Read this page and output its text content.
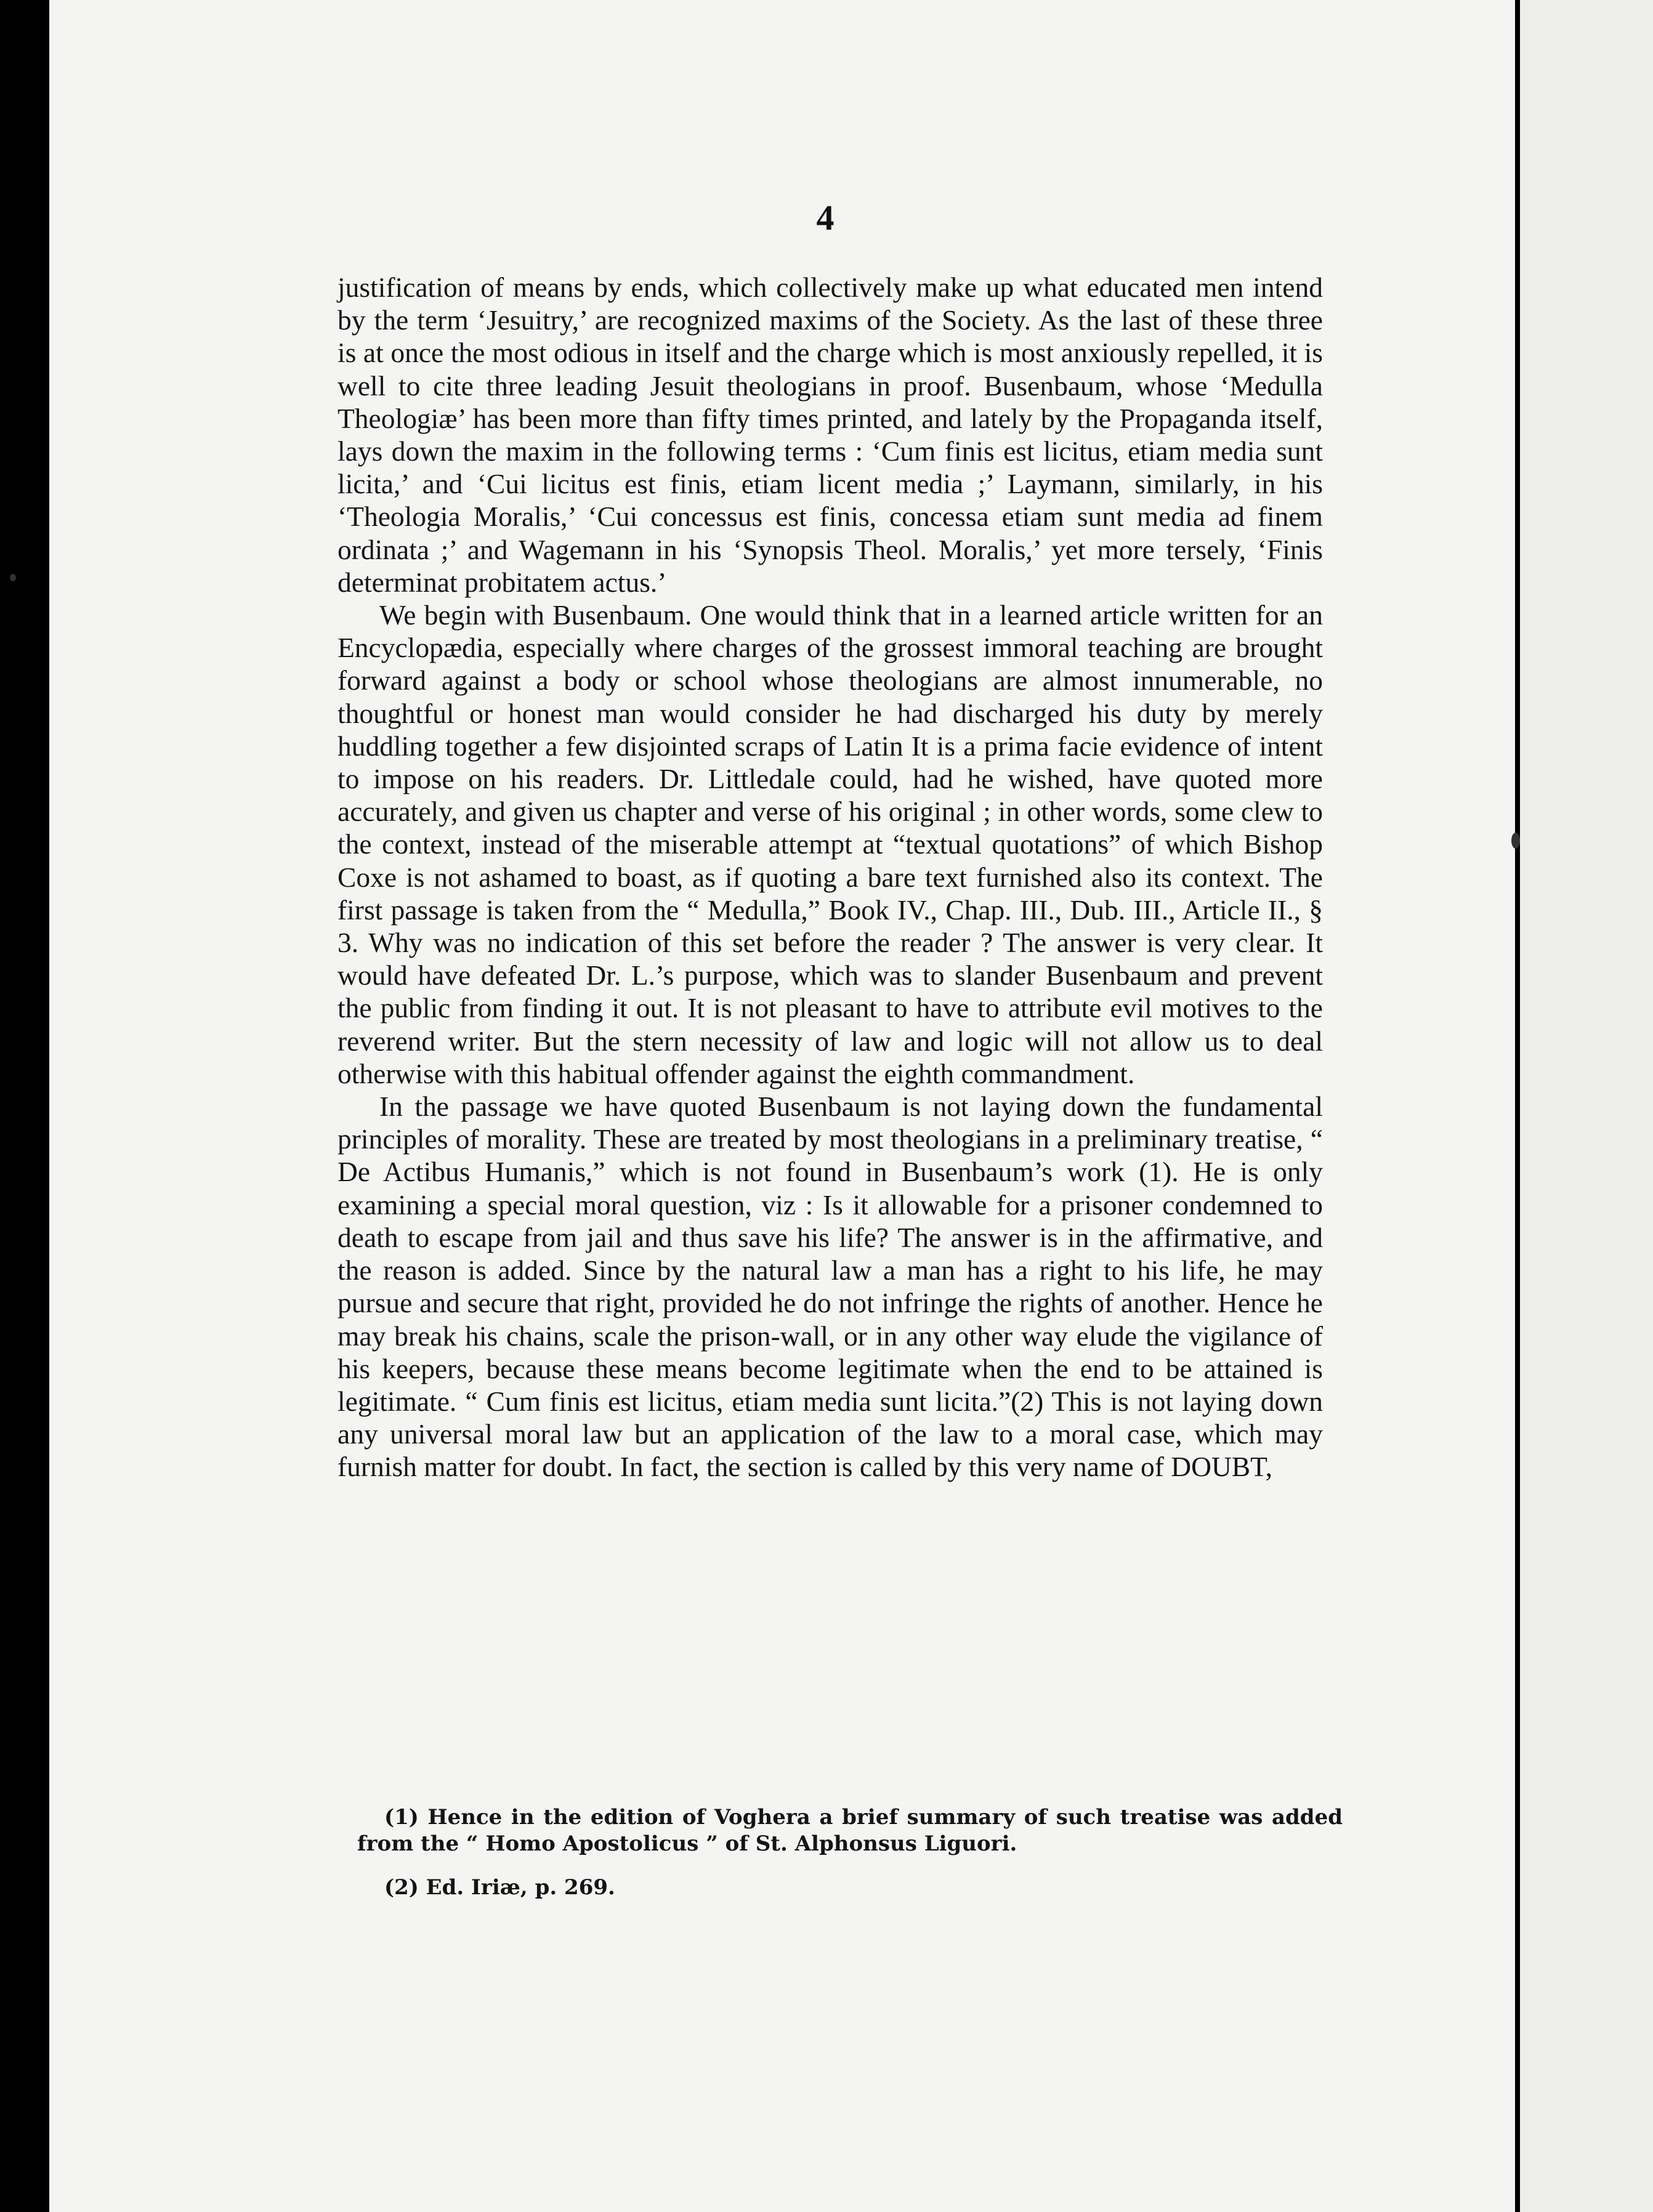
4

justification of means by ends, which collectively make up what educated men intend by the term ‘Jesuitry,’ are recognized maxims of the Society. As the last of these three is at once the most odious in itself and the charge which is most anxiously repelled, it is well to cite three leading Jesuit theologians in proof. Busenbaum, whose ‘Medulla Theologiæ’ has been more than fifty times printed, and lately by the Propaganda itself, lays down the maxim in the following terms : ‘Cum finis est licitus, etiam media sunt licita,’ and ‘Cui licitus est finis, etiam licent media ;’ Laymann, similarly, in his ‘Theologia Moralis,’ ‘Cui concessus est finis, concessa etiam sunt media ad finem ordinata ;’ and Wagemann in his ‘Synopsis Theol. Moralis,’ yet more tersely, ‘Finis determinat probitatem actus.’

We begin with Busenbaum. One would think that in a learned article written for an Encyclopædia, especially where charges of the grossest immoral teaching are brought forward against a body or school whose theologians are almost innumerable, no thoughtful or honest man would consider he had discharged his duty by merely huddling together a few disjointed scraps of Latin It is a prima facie evidence of intent to impose on his readers. Dr. Littledale could, had he wished, have quoted more accurately, and given us chapter and verse of his original ; in other words, some clew to the context, instead of the miserable attempt at “textual quotations” of which Bishop Coxe is not ashamed to boast, as if quoting a bare text furnished also its context. The first passage is taken from the “ Medulla,” Book IV., Chap. III., Dub. III., Article II., § 3. Why was no indication of this set before the reader ? The answer is very clear. It would have defeated Dr. L.’s purpose, which was to slander Busenbaum and prevent the public from finding it out. It is not pleasant to have to attribute evil motives to the reverend writer. But the stern necessity of law and logic will not allow us to deal otherwise with this habitual offender against the eighth commandment.

In the passage we have quoted Busenbaum is not laying down the fundamental principles of morality. These are treated by most theologians in a preliminary treatise, “ De Actibus Humanis,” which is not found in Busenbaum’s work (1). He is only examining a special moral question, viz : Is it allowable for a prisoner condemned to death to escape from jail and thus save his life? The answer is in the affirmative, and the reason is added. Since by the natural law a man has a right to his life, he may pursue and secure that right, provided he do not infringe the rights of another. Hence he may break his chains, scale the prison-wall, or in any other way elude the vigilance of his keepers, because these means become legitimate when the end to be attained is legitimate. “ Cum finis est licitus, etiam media sunt licita.”(2) This is not laying down any universal moral law but an application of the law to a moral case, which may furnish matter for doubt. In fact, the section is called by this very name of DOUBT,

(1) Hence in the edition of Voghera a brief summary of such treatise was added from the “ Homo Apostolicus ” of St. Alphonsus Liguori.

(2) Ed. Iriæ, p. 269.
